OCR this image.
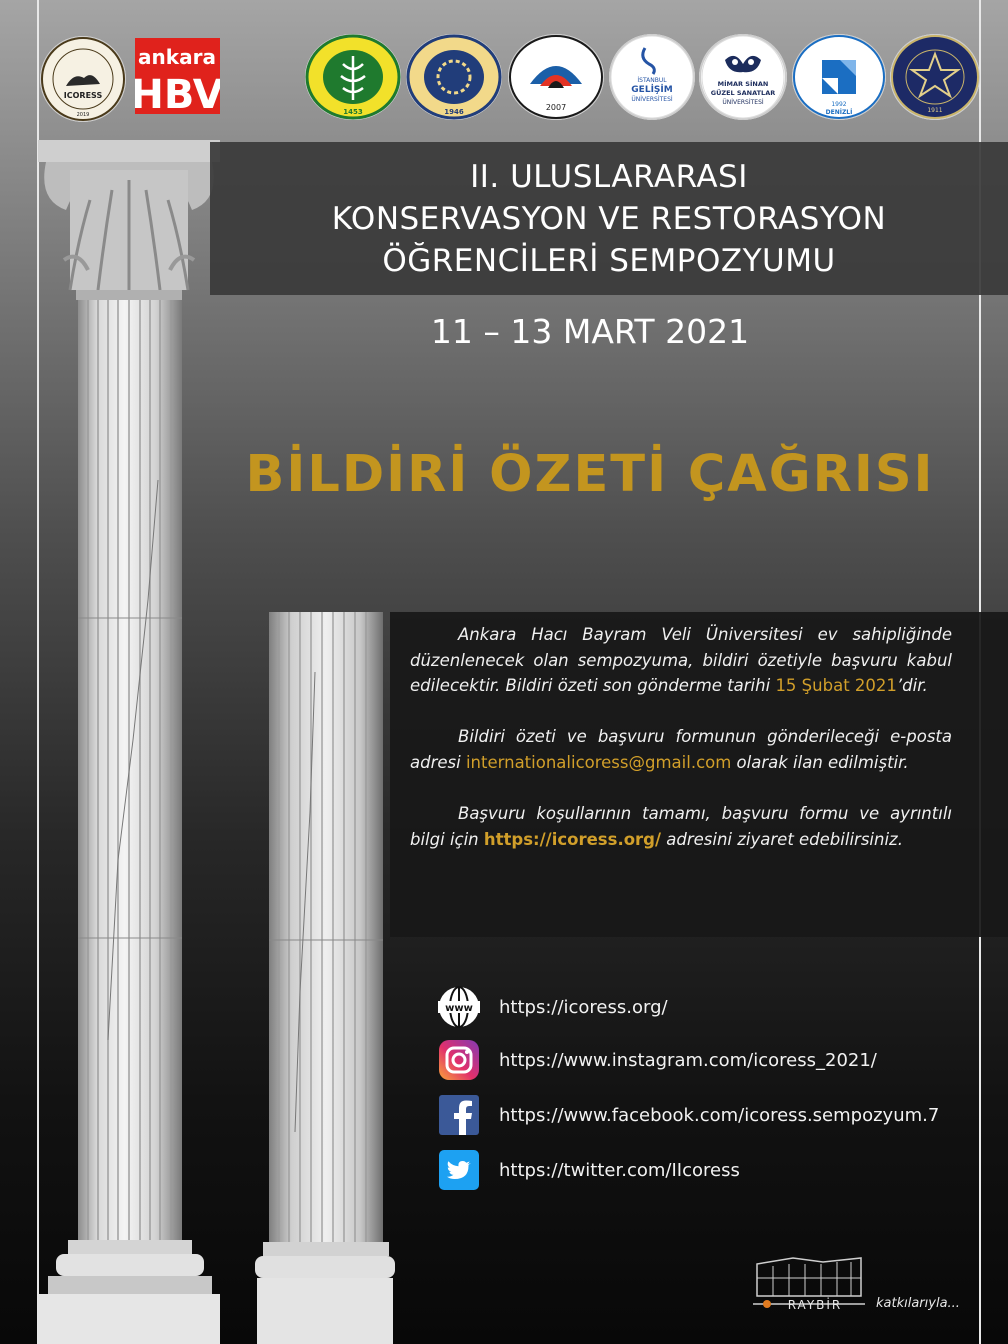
ICORESS
2019
ankara
HBV	1453	1946	2007
İSTANBUL
GELİŞİM
ÜNİVERSİTESİ
MİMAR SİNAN
GÜZEL SANATLAR
ÜNİVERSİTESİ	1992
DENİZLİ	1911
II. ULUSLARARASI
KONSERVASYON VE RESTORASYON
ÖĞRENCİLERİ SEMPOZYUMU
11 – 13 MART 2021
BİLDİRİ ÖZETİ ÇAĞRISI

Ankara Hacı Bayram Veli Üniversitesi ev sahipliğinde düzenlenecek olan sempozyuma, bildiri özetiyle başvuru kabul edilecektir. Bildiri özeti son gönderme tarihi 15 Şubat 2021’dir.

Bildiri özeti ve başvuru formunun gönderileceği e-posta adresi internationalicoress@gmail.com olarak ilan edilmiştir.

Başvuru koşullarının tamamı, başvuru formu ve ayrıntılı bilgi için https://icoress.org/ adresini ziyaret edebilirsiniz.

www https://icoress.org/
https://www.instagram.com/icoress_2021/
https://www.facebook.com/icoress.sempozyum.7
https://twitter.com/IIcoress
RAYBİR	katkılarıyla...
